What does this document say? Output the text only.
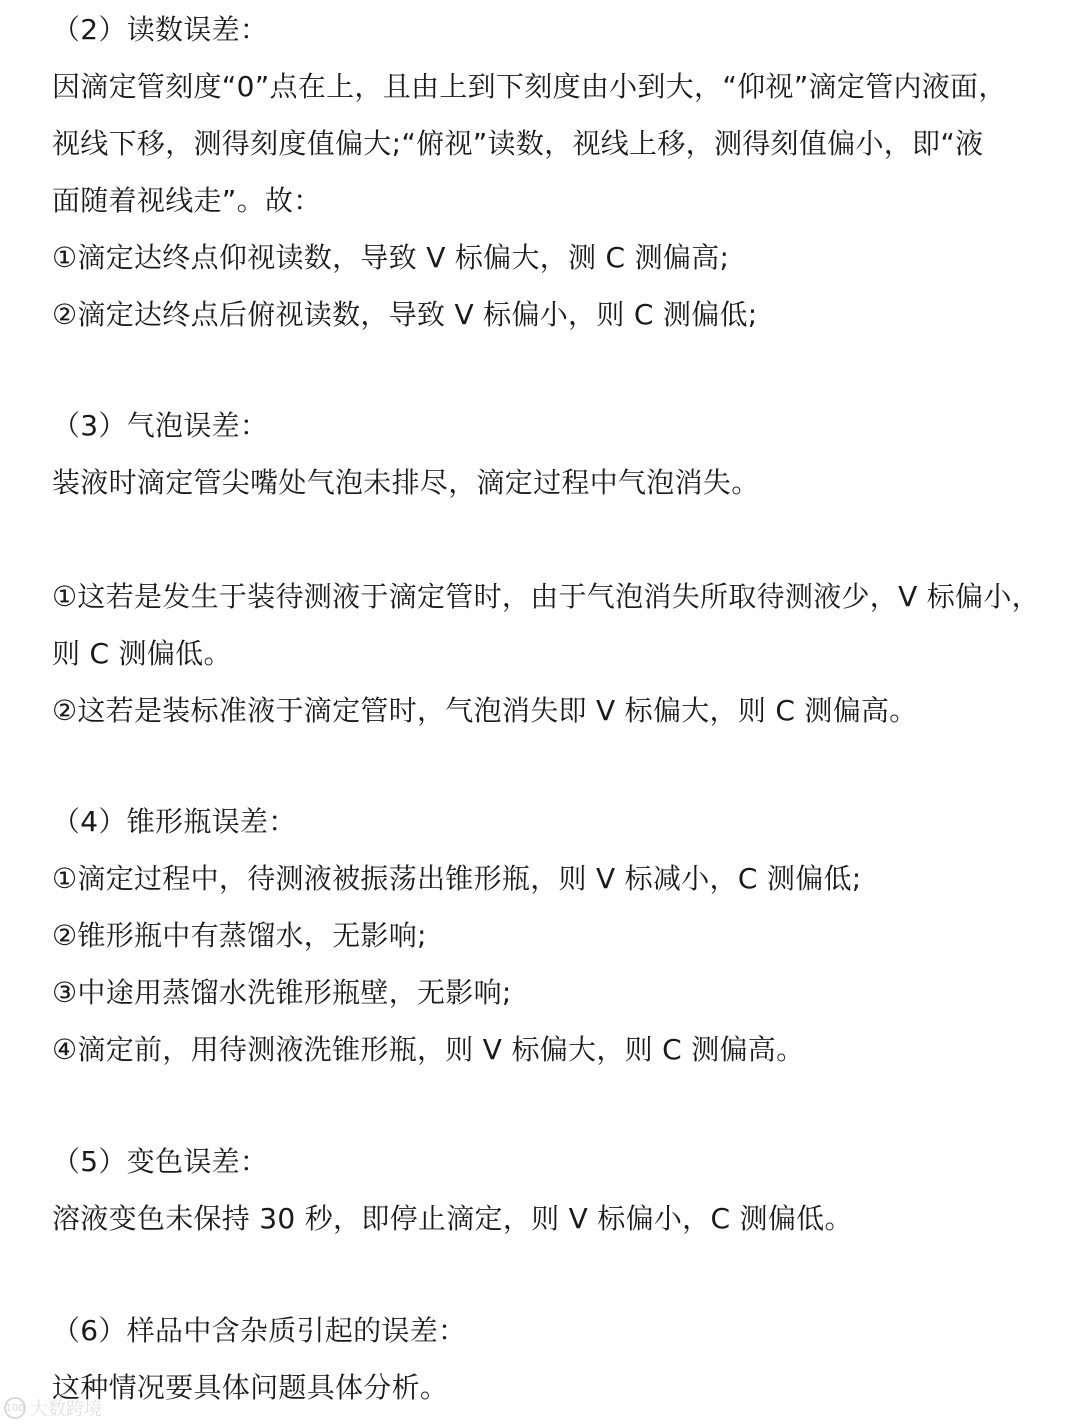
（2）读数误差：
因滴定管刻度“0”点在上，且由上到下刻度由小到大，“仰视”滴定管内液面，
视线下移，测得刻度值偏大;“俯视”读数，视线上移，测得刻值偏小，即“液
面随着视线走”。故：
①滴定达终点仰视读数，导致 V 标偏大，测 C 测偏高;
②滴定达终点后俯视读数，导致 V 标偏小，则 C 测偏低;
（3）气泡误差：
装液时滴定管尖嘴处气泡未排尽，滴定过程中气泡消失。
①这若是发生于装待测液于滴定管时，由于气泡消失所取待测液少，V 标偏小，
则 C 测偏低。
②这若是装标准液于滴定管时，气泡消失即 V 标偏大，则 C 测偏高。
（4）锥形瓶误差：
①滴定过程中，待测液被振荡出锥形瓶，则 V 标减小，C 测偏低;
②锥形瓶中有蒸馏水，无影响;
③中途用蒸馏水洗锥形瓶壁，无影响;
④滴定前，用待测液洗锥形瓶，则 V 标偏大，则 C 测偏高。
（5）变色误差：
溶液变色未保持 30 秒，即停止滴定，则 V 标偏小，C 测偏低。
（6）样品中含杂质引起的误差：
这种情况要具体问题具体分析。
100 大数跨境
